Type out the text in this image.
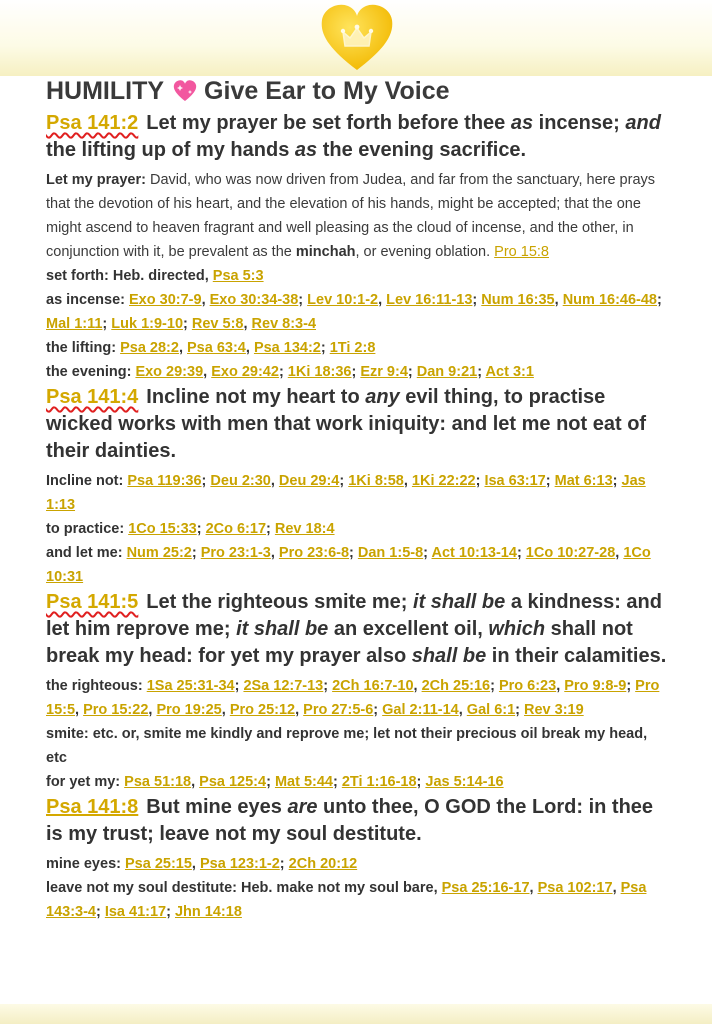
HUMILITY Give Ear to My Voice
Psa 141:2 Let my prayer be set forth before thee as incense; and the lifting up of my hands as the evening sacrifice.
Let my prayer: David, who was now driven from Judea, and far from the sanctuary, here prays that the devotion of his heart, and the elevation of his hands, might be accepted; that the one might ascend to heaven fragrant and well pleasing as the cloud of incense, and the other, in conjunction with it, be prevalent as the minchah, or evening oblation. Pro 15:8
set forth: Heb. directed, Psa 5:3
as incense: Exo 30:7-9, Exo 30:34-38; Lev 10:1-2, Lev 16:11-13; Num 16:35, Num 16:46-48; Mal 1:11; Luk 1:9-10; Rev 5:8, Rev 8:3-4
the lifting: Psa 28:2, Psa 63:4, Psa 134:2; 1Ti 2:8
the evening: Exo 29:39, Exo 29:42; 1Ki 18:36; Ezr 9:4; Dan 9:21; Act 3:1
Psa 141:4 Incline not my heart to any evil thing, to practise wicked works with men that work iniquity: and let me not eat of their dainties.
Incline not: Psa 119:36; Deu 2:30, Deu 29:4; 1Ki 8:58, 1Ki 22:22; Isa 63:17; Mat 6:13; Jas 1:13
to practice: 1Co 15:33; 2Co 6:17; Rev 18:4
and let me: Num 25:2; Pro 23:1-3, Pro 23:6-8; Dan 1:5-8; Act 10:13-14; 1Co 10:27-28, 1Co 10:31
Psa 141:5 Let the righteous smite me; it shall be a kindness: and let him reprove me; it shall be an excellent oil, which shall not break my head: for yet my prayer also shall be in their calamities.
the righteous: 1Sa 25:31-34; 2Sa 12:7-13; 2Ch 16:7-10, 2Ch 25:16; Pro 6:23, Pro 9:8-9; Pro 15:5, Pro 15:22, Pro 19:25, Pro 25:12, Pro 27:5-6; Gal 2:11-14, Gal 6:1; Rev 3:19
smite: etc. or, smite me kindly and reprove me; let not their precious oil break my head, etc
for yet my: Psa 51:18, Psa 125:4; Mat 5:44; 2Ti 1:16-18; Jas 5:14-16
Psa 141:8 But mine eyes are unto thee, O GOD the Lord: in thee is my trust; leave not my soul destitute.
mine eyes: Psa 25:15, Psa 123:1-2; 2Ch 20:12
leave not my soul destitute: Heb. make not my soul bare, Psa 25:16-17, Psa 102:17, Psa 143:3-4; Isa 41:17; Jhn 14:18
